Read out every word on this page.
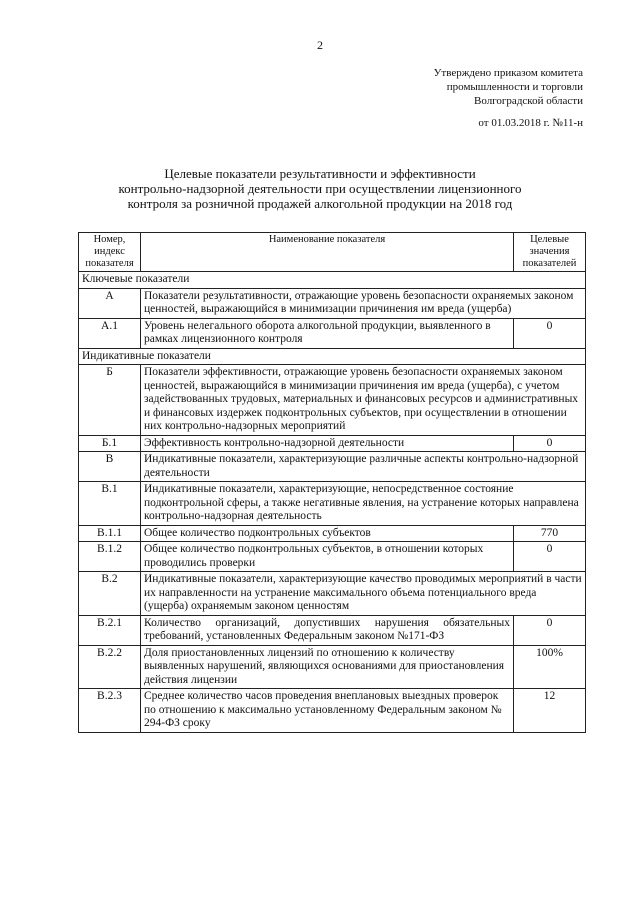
2
Утверждено приказом комитета
промышленности и торговли
Волгоградской области
от 01.03.2018 г. №11-н
Целевые показатели результативности и эффективности
контрольно-надзорной деятельности при осуществлении лицензионного
контроля за розничной продажей алкогольной продукции на 2018 год
Номер, индекс показателя	Наименование показателя	Целевые значения показателей
Ключевые показатели		
А	Показатели результативности, отражающие уровень безопасности охраняемых законом ценностей, выражающийся в минимизации причинения им вреда (ущерба)	
А.1	Уровень нелегального оборота алкогольной продукции, выявленного в рамках лицензионного контроля	0
Индикативные показатели		
Б	Показатели эффективности, отражающие уровень безопасности охраняемых законом ценностей, выражающийся в минимизации причинения им вреда (ущерба), с учетом задействованных трудовых, материальных и финансовых ресурсов и административных и финансовых издержек подконтрольных субъектов, при осуществлении в отношении них контрольно-надзорных мероприятий	
Б.1	Эффективность контрольно-надзорной деятельности	0
В	Индикативные показатели, характеризующие различные аспекты контрольно-надзорной деятельности	
В.1	Индикативные показатели, характеризующие, непосредственное состояние подконтрольной сферы, а также негативные явления, на устранение которых направлена контрольно-надзорная деятельность	
В.1.1	Общее количество подконтрольных субъектов	770
В.1.2	Общее количество подконтрольных субъектов, в отношении которых проводились проверки	0
В.2	Индикативные показатели, характеризующие качество проводимых мероприятий в части их направленности на устранение максимального объема потенциального вреда (ущерба) охраняемым законом ценностям	
В.2.1	Количество организаций, допустивших нарушения обязательных требований, установленных Федеральным законом №171-ФЗ	0
В.2.2	Доля приостановленных лицензий по отношению к количеству выявленных нарушений, являющихся основаниями для приостановления действия лицензии	100%
В.2.3	Среднее количество часов проведения внеплановых выездных проверок по отношению к максимально установленному Федеральным законом № 294-ФЗ сроку	12
